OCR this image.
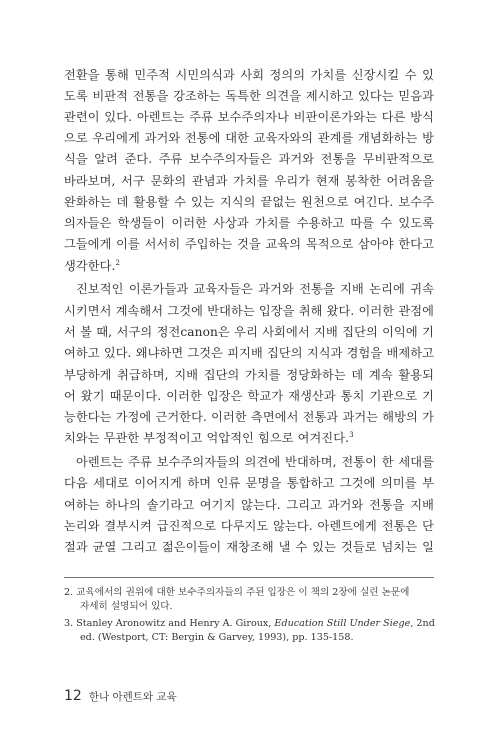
전환을 통해 민주적 시민의식과 사회 정의의 가치를 신장시킬 수 있
도록 비판적 전통을 강조하는 독특한 의견을 제시하고 있다는 믿음과
관련이 있다. 아렌트는 주류 보수주의자나 비판이론가와는 다른 방식
으로 우리에게 과거와 전통에 대한 교육자와의 관계를 개념화하는 방
식을 알려 준다. 주류 보수주의자들은 과거와 전통을 무비판적으로
바라보며, 서구 문화의 관념과 가치를 우리가 현재 봉착한 어려움을
완화하는 데 활용할 수 있는 지식의 끝없는 원천으로 여긴다. 보수주
의자들은 학생들이 이러한 사상과 가치를 수용하고 따를 수 있도록
그들에게 이를 서서히 주입하는 것을 교육의 목적으로 삼아야 한다고
생각한다.$^2$
진보적인 이론가들과 교육자들은 과거와 전통을 지배 논리에 귀속
시키면서 계속해서 그것에 반대하는 입장을 취해 왔다. 이러한 관점에
서 볼 때, 서구의 정전canon은 우리 사회에서 지배 집단의 이익에 기
여하고 있다. 왜냐하면 그것은 피지배 집단의 지식과 경험을 배제하고
부당하게 취급하며, 지배 집단의 가치를 정당화하는 데 계속 활용되
어 왔기 때문이다. 이러한 입장은 학교가 재생산과 통치 기관으로 기
능한다는 가정에 근거한다. 이러한 측면에서 전통과 과거는 해방의 가
치와는 무관한 부정적이고 억압적인 힘으로 여겨진다.$^3$
아렌트는 주류 보수주의자들의 의견에 반대하며, 전통이 한 세대를
다음 세대로 이어지게 하며 인류 문명을 통합하고 그것에 의미를 부
여하는 하나의 솔기라고 여기지 않는다. 그리고 과거와 전통을 지배
논리와 결부시켜 급진적으로 다루지도 않는다. 아렌트에게 전통은 단
절과 균열 그리고 젊은이들이 재창조해 낼 수 있는 것들로 넘치는 일
2. 교육에서의 권위에 대한 보수주의자들의 주된 입장은 이 책의 2장에 실린 논문에
자세히 설명되어 있다.
3. Stanley Aronowitz and Henry A. Giroux, Education Still Under Siege, 2nd
ed. (Westport, CT: Bergin & Garvey, 1993), pp. 135-158.
12 한나 아렌트와 교육
